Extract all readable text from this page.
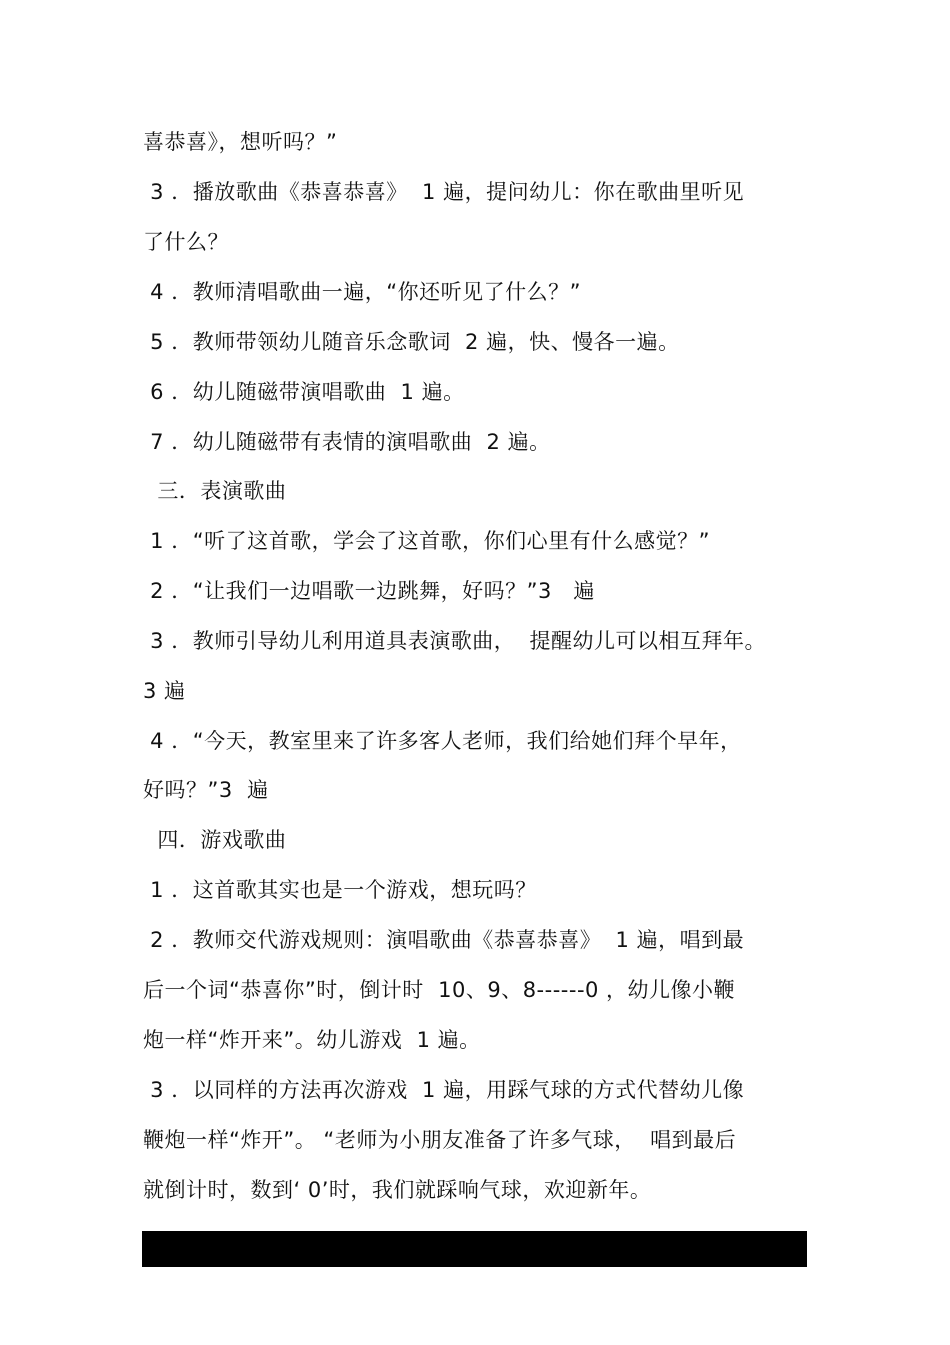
喜恭喜》，想听吗？”
3 ．播放歌曲《恭喜恭喜》  1 遍，提问幼儿：你在歌曲里听见
了什么？
4 ．教师清唱歌曲一遍，“你还听见了什么？”
5 ．教师带领幼儿随音乐念歌词  2 遍，快、慢各一遍。
6 ．幼儿随磁带演唱歌曲  1 遍。
7 ．幼儿随磁带有表情的演唱歌曲  2 遍。
三．表演歌曲
1 ．“听了这首歌，学会了这首歌，你们心里有什么感觉？”
2 ．“让我们一边唱歌一边跳舞，好吗？”3   遍
3 ．教师引导幼儿利用道具表演歌曲，  提醒幼儿可以相互拜年。
3 遍
4 ．“今天，教室里来了许多客人老师，我们给她们拜个早年，
好吗？”3  遍
四．游戏歌曲
1 ．这首歌其实也是一个游戏，想玩吗？
2 ．教师交代游戏规则：演唱歌曲《恭喜恭喜》  1 遍，唱到最
后一个词“恭喜你”时，倒计时  10、9、8------0 ，幼儿像小鞭
炮一样“炸开来”。幼儿游戏  1 遍。
3 ．以同样的方法再次游戏  1 遍，用踩气球的方式代替幼儿像
鞭炮一样“炸开”。 “老师为小朋友准备了许多气球，  唱到最后
就倒计时，数到‘ 0’时，我们就踩响气球，欢迎新年。
